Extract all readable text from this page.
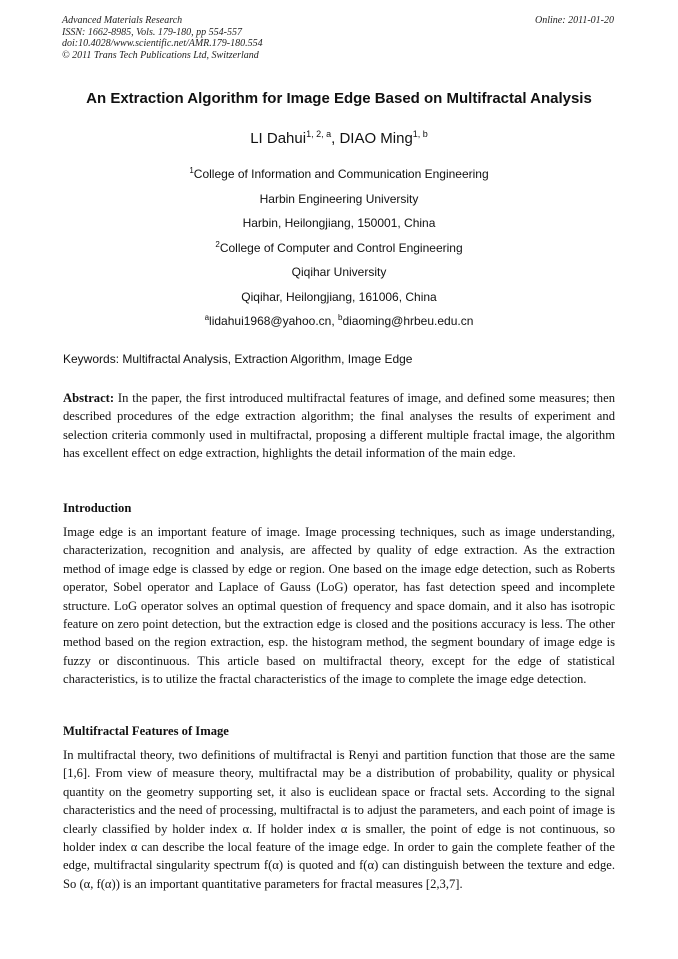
Advanced Materials Research
ISSN: 1662-8985, Vols. 179-180, pp 554-557
doi:10.4028/www.scientific.net/AMR.179-180.554
© 2011 Trans Tech Publications Ltd, Switzerland
Online: 2011-01-20
An Extraction Algorithm for Image Edge Based on Multifractal Analysis
LI Dahui$^{1, 2, a}$, DIAO Ming$^{1, b}$
$^1$College of Information and Communication Engineering
Harbin Engineering University
Harbin, Heilongjiang, 150001, China
$^2$College of Computer and Control Engineering
Qiqihar University
Qiqihar, Heilongjiang, 161006, China
$^a$lidahui1968@yahoo.cn, $^b$diaoming@hrbeu.edu.cn
Keywords: Multifractal Analysis, Extraction Algorithm, Image Edge
Abstract: In the paper, the first introduced multifractal features of image, and defined some measures; then described procedures of the edge extraction algorithm; the final analyses the results of experiment and selection criteria commonly used in multifractal, proposing a different multiple fractal image, the algorithm has excellent effect on edge extraction, highlights the detail information of the main edge.
Introduction
Image edge is an important feature of image. Image processing techniques, such as image understanding, characterization, recognition and analysis, are affected by quality of edge extraction. As the extraction method of image edge is classed by edge or region. One based on the image edge detection, such as Roberts operator, Sobel operator and Laplace of Gauss (LoG) operator, has fast detection speed and incomplete structure. LoG operator solves an optimal question of frequency and space domain, and it also has isotropic feature on zero point detection, but the extraction edge is closed and the positions accuracy is less. The other method based on the region extraction, esp. the histogram method, the segment boundary of image edge is fuzzy or discontinuous. This article based on multifractal theory, except for the edge of statistical characteristics, is to utilize the fractal characteristics of the image to complete the image edge detection.
Multifractal Features of Image
In multifractal theory, two definitions of multifractal is Renyi and partition function that those are the same [1,6]. From view of measure theory, multifractal may be a distribution of probability, quality or physical quantity on the geometry supporting set, it also is euclidean space or fractal sets. According to the signal characteristics and the need of processing, multifractal is to adjust the parameters, and each point of image is clearly classified by holder index α. If holder index α is smaller, the point of edge is not continuous, so holder index α can describe the local feature of the image edge. In order to gain the complete feather of the edge, multifractal singularity spectrum f(α) is quoted and f(α) can distinguish between the texture and edge. So (α, f(α)) is an important quantitative parameters for fractal measures [2,3,7].
